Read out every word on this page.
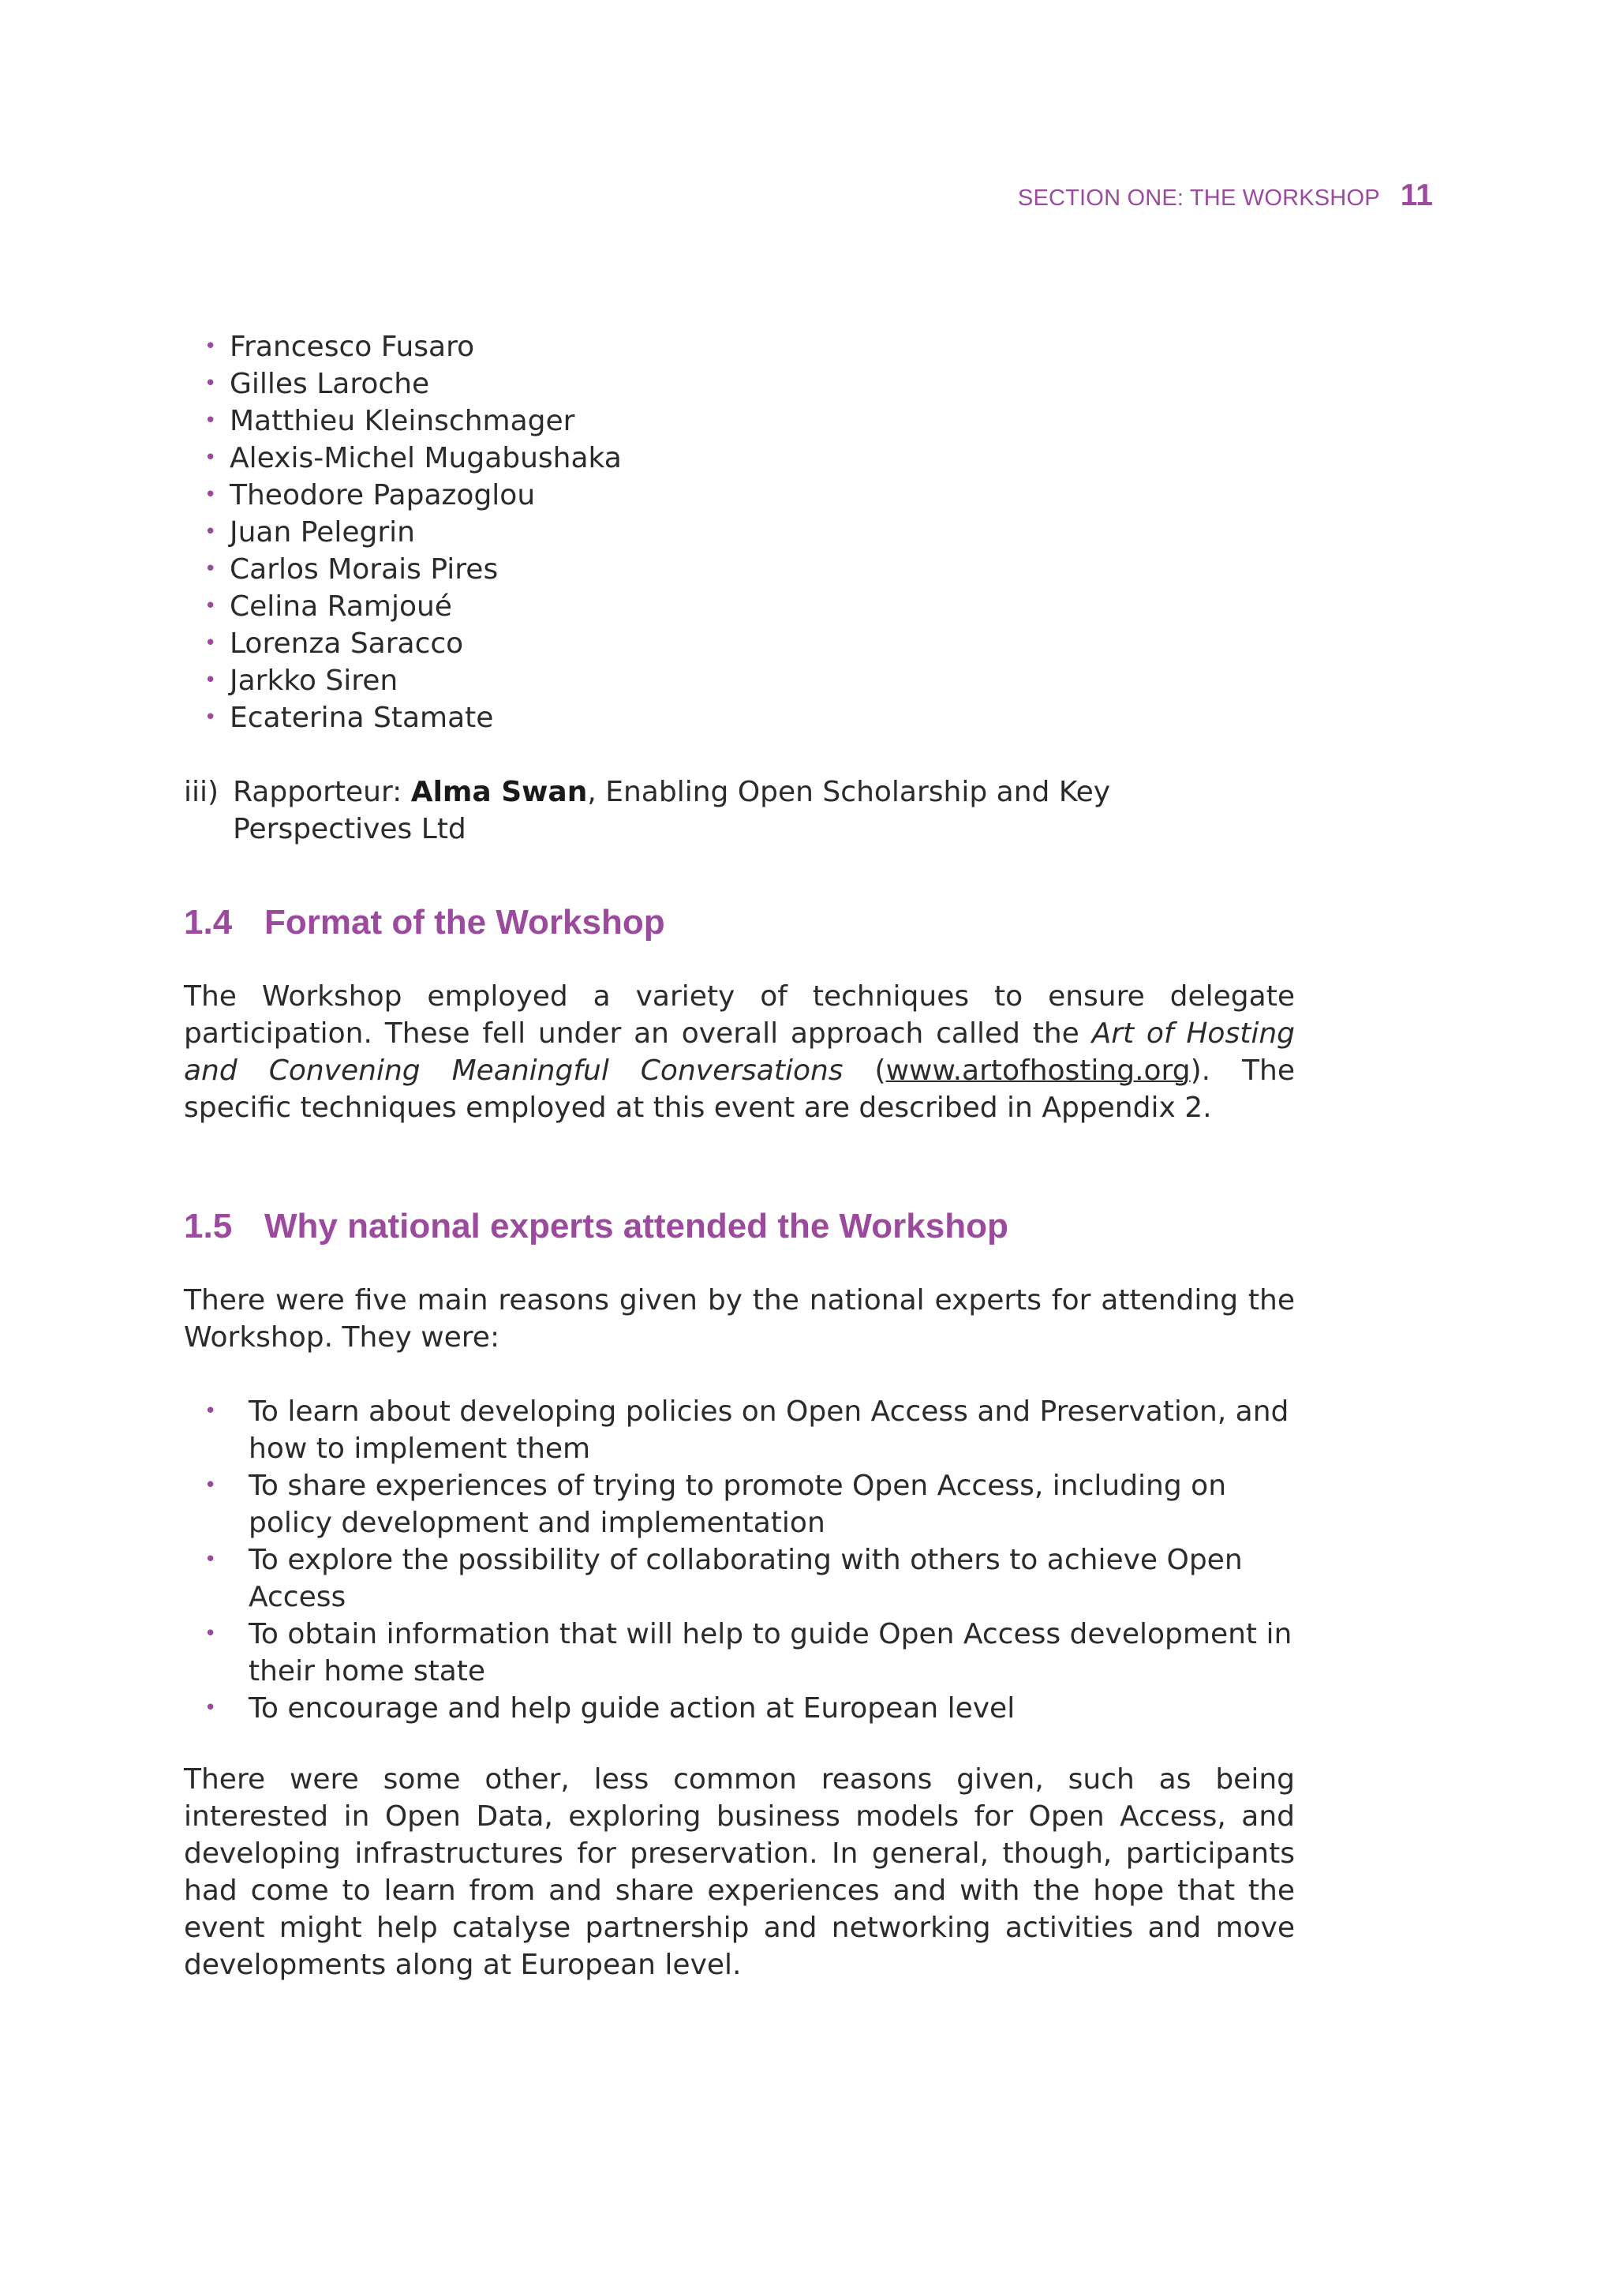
SECTION ONE: THE WORKSHOP 11
• Francesco Fusaro
• Gilles Laroche
• Matthieu Kleinschmager
• Alexis-Michel Mugabushaka
• Theodore Papazoglou
• Juan Pelegrin
• Carlos Morais Pires
• Celina Ramjoué
• Lorenza Saracco
• Jarkko Siren
• Ecaterina Stamate
iii) Rapporteur: Alma Swan, Enabling Open Scholarship and Key Perspectives Ltd
1.4 Format of the Workshop

The Workshop employed a variety of techniques to ensure delegate participation. These fell under an overall approach called the Art of Hosting and Convening Meaningful Conversations (www.artofhosting.org). The specific techniques employed at this event are described in Appendix 2.

1.5 Why national experts attended the Workshop

There were five main reasons given by the national experts for attending the Workshop. They were:

• To learn about developing policies on Open Access and Preservation, and how to implement them
• To share experiences of trying to promote Open Access, including on policy development and implementation
• To explore the possibility of collaborating with others to achieve Open Access
• To obtain information that will help to guide Open Access development in their home state
• To encourage and help guide action at European level

There were some other, less common reasons given, such as being interested in Open Data, exploring business models for Open Access, and developing infrastructures for preservation. In general, though, participants had come to learn from and share experiences and with the hope that the event might help catalyse partnership and networking activities and move developments along at European level.
